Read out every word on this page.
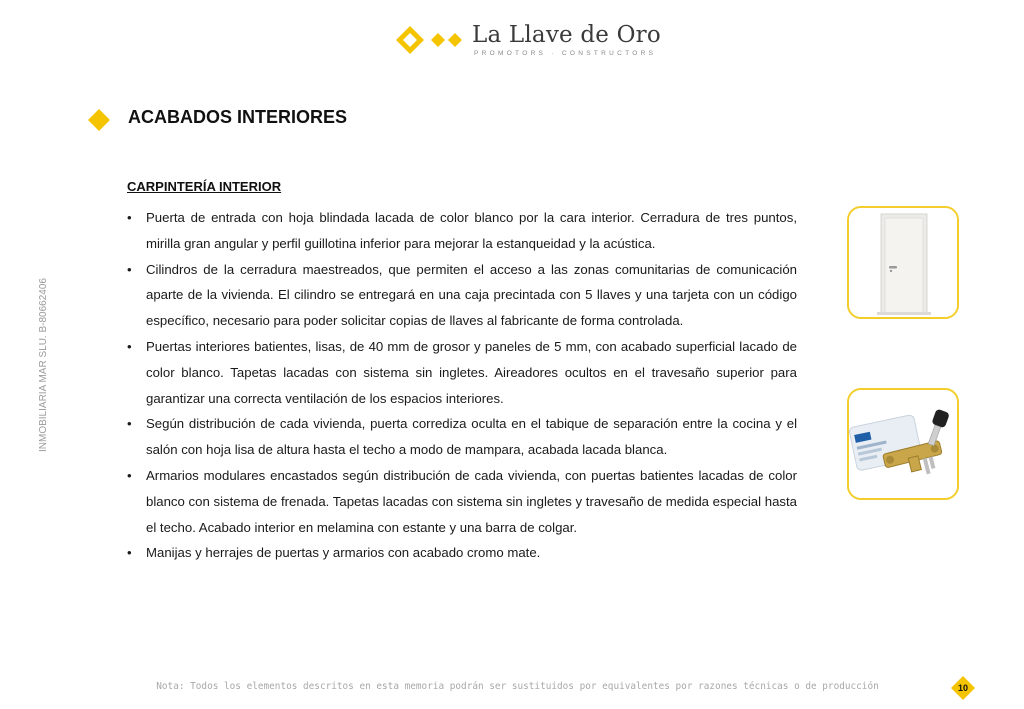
La Llave de Oro
PROMOTORS · CONSTRUCTORS
INMOBILIARIA MAR SLU. B-80662406
ACABADOS INTERIORES
CARPINTERÍA INTERIOR
• Puerta de entrada con hoja blindada lacada de color blanco por la cara interior. Cerradura de tres puntos, mirilla gran angular y perfil guillotina inferior para mejorar la estanqueidad y la acústica.
• Cilindros de la cerradura maestreados, que permiten el acceso a las zonas comunitarias de comunicación aparte de la vivienda. El cilindro se entregará en una caja precintada con 5 llaves y una tarjeta con un código específico, necesario para poder solicitar copias de llaves al fabricante de forma controlada.
• Puertas interiores batientes, lisas, de 40 mm de grosor y paneles de 5 mm, con acabado superficial lacado de color blanco. Tapetas lacadas con sistema sin ingletes. Aireadores ocultos en el travesaño superior para garantizar una correcta ventilación de los espacios interiores.
• Según distribución de cada vivienda, puerta corrediza oculta en el tabique de separación entre la cocina y el salón con hoja lisa de altura hasta el techo a modo de mampara, acabada lacada blanca.
• Armarios modulares encastados según distribución de cada vivienda, con puertas batientes lacadas de color blanco con sistema de frenada. Tapetas lacadas con sistema sin ingletes y travesaño de medida especial hasta el techo. Acabado interior en melamina con estante y una barra de colgar.
• Manijas y herrajes de puertas y armarios con acabado cromo mate.
Nota: Todos los elementos descritos en esta memoria podrán ser sustituidos por equivalentes por razones técnicas o de producción	10
